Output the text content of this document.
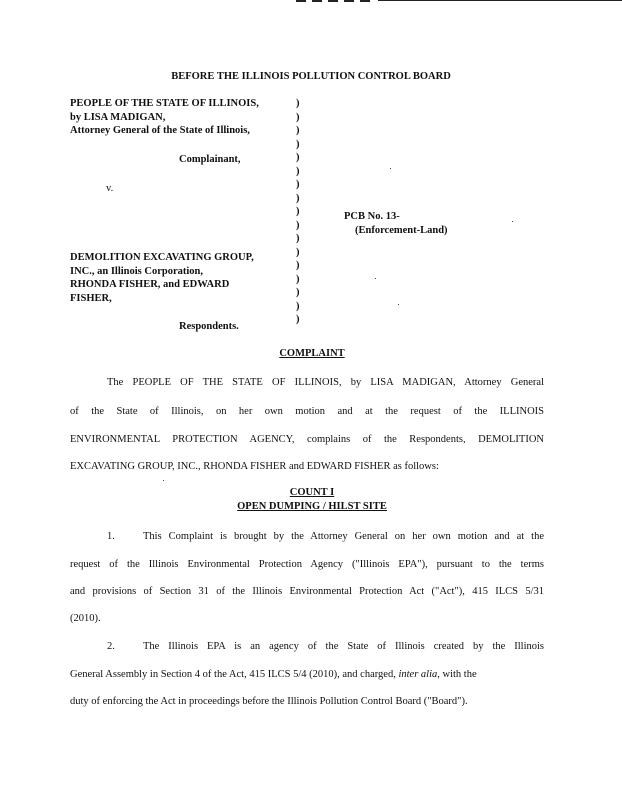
BEFORE THE ILLINOIS POLLUTION CONTROL BOARD
PEOPLE OF THE STATE OF ILLINOIS,
by LISA MADIGAN,
Attorney General of the State of Illinois,
Complainant,
v.
)
)
)
)
)
)
)
)
)
)
)
)
)
)
)
)
)
PCB No. 13-
(Enforcement-Land)
DEMOLITION EXCAVATING GROUP,
INC., an Illinois Corporation,
RHONDA FISHER, and EDWARD
FISHER,
Respondents.
COMPLAINT
The PEOPLE OF THE STATE OF ILLINOIS, by LISA MADIGAN, Attorney General
of the State of Illinois, on her own motion and at the request of the ILLINOIS
ENVIRONMENTAL PROTECTION AGENCY, complains of the Respondents, DEMOLITION
EXCAVATING GROUP, INC., RHONDA FISHER and EDWARD FISHER as follows:
COUNT I
OPEN DUMPING / HILST SITE
1.	This Complaint is brought by the Attorney General on her own motion and at the
request of the Illinois Environmental Protection Agency ("Illinois EPA"), pursuant to the terms
and provisions of Section 31 of the Illinois Environmental Protection Act ("Act"), 415 ILCS 5/31
(2010).
2.	The Illinois EPA is an agency of the State of Illinois created by the Illinois
General Assembly in Section 4 of the Act, 415 ILCS 5/4 (2010), and charged, inter alia, with the
duty of enforcing the Act in proceedings before the Illinois Pollution Control Board ("Board").
